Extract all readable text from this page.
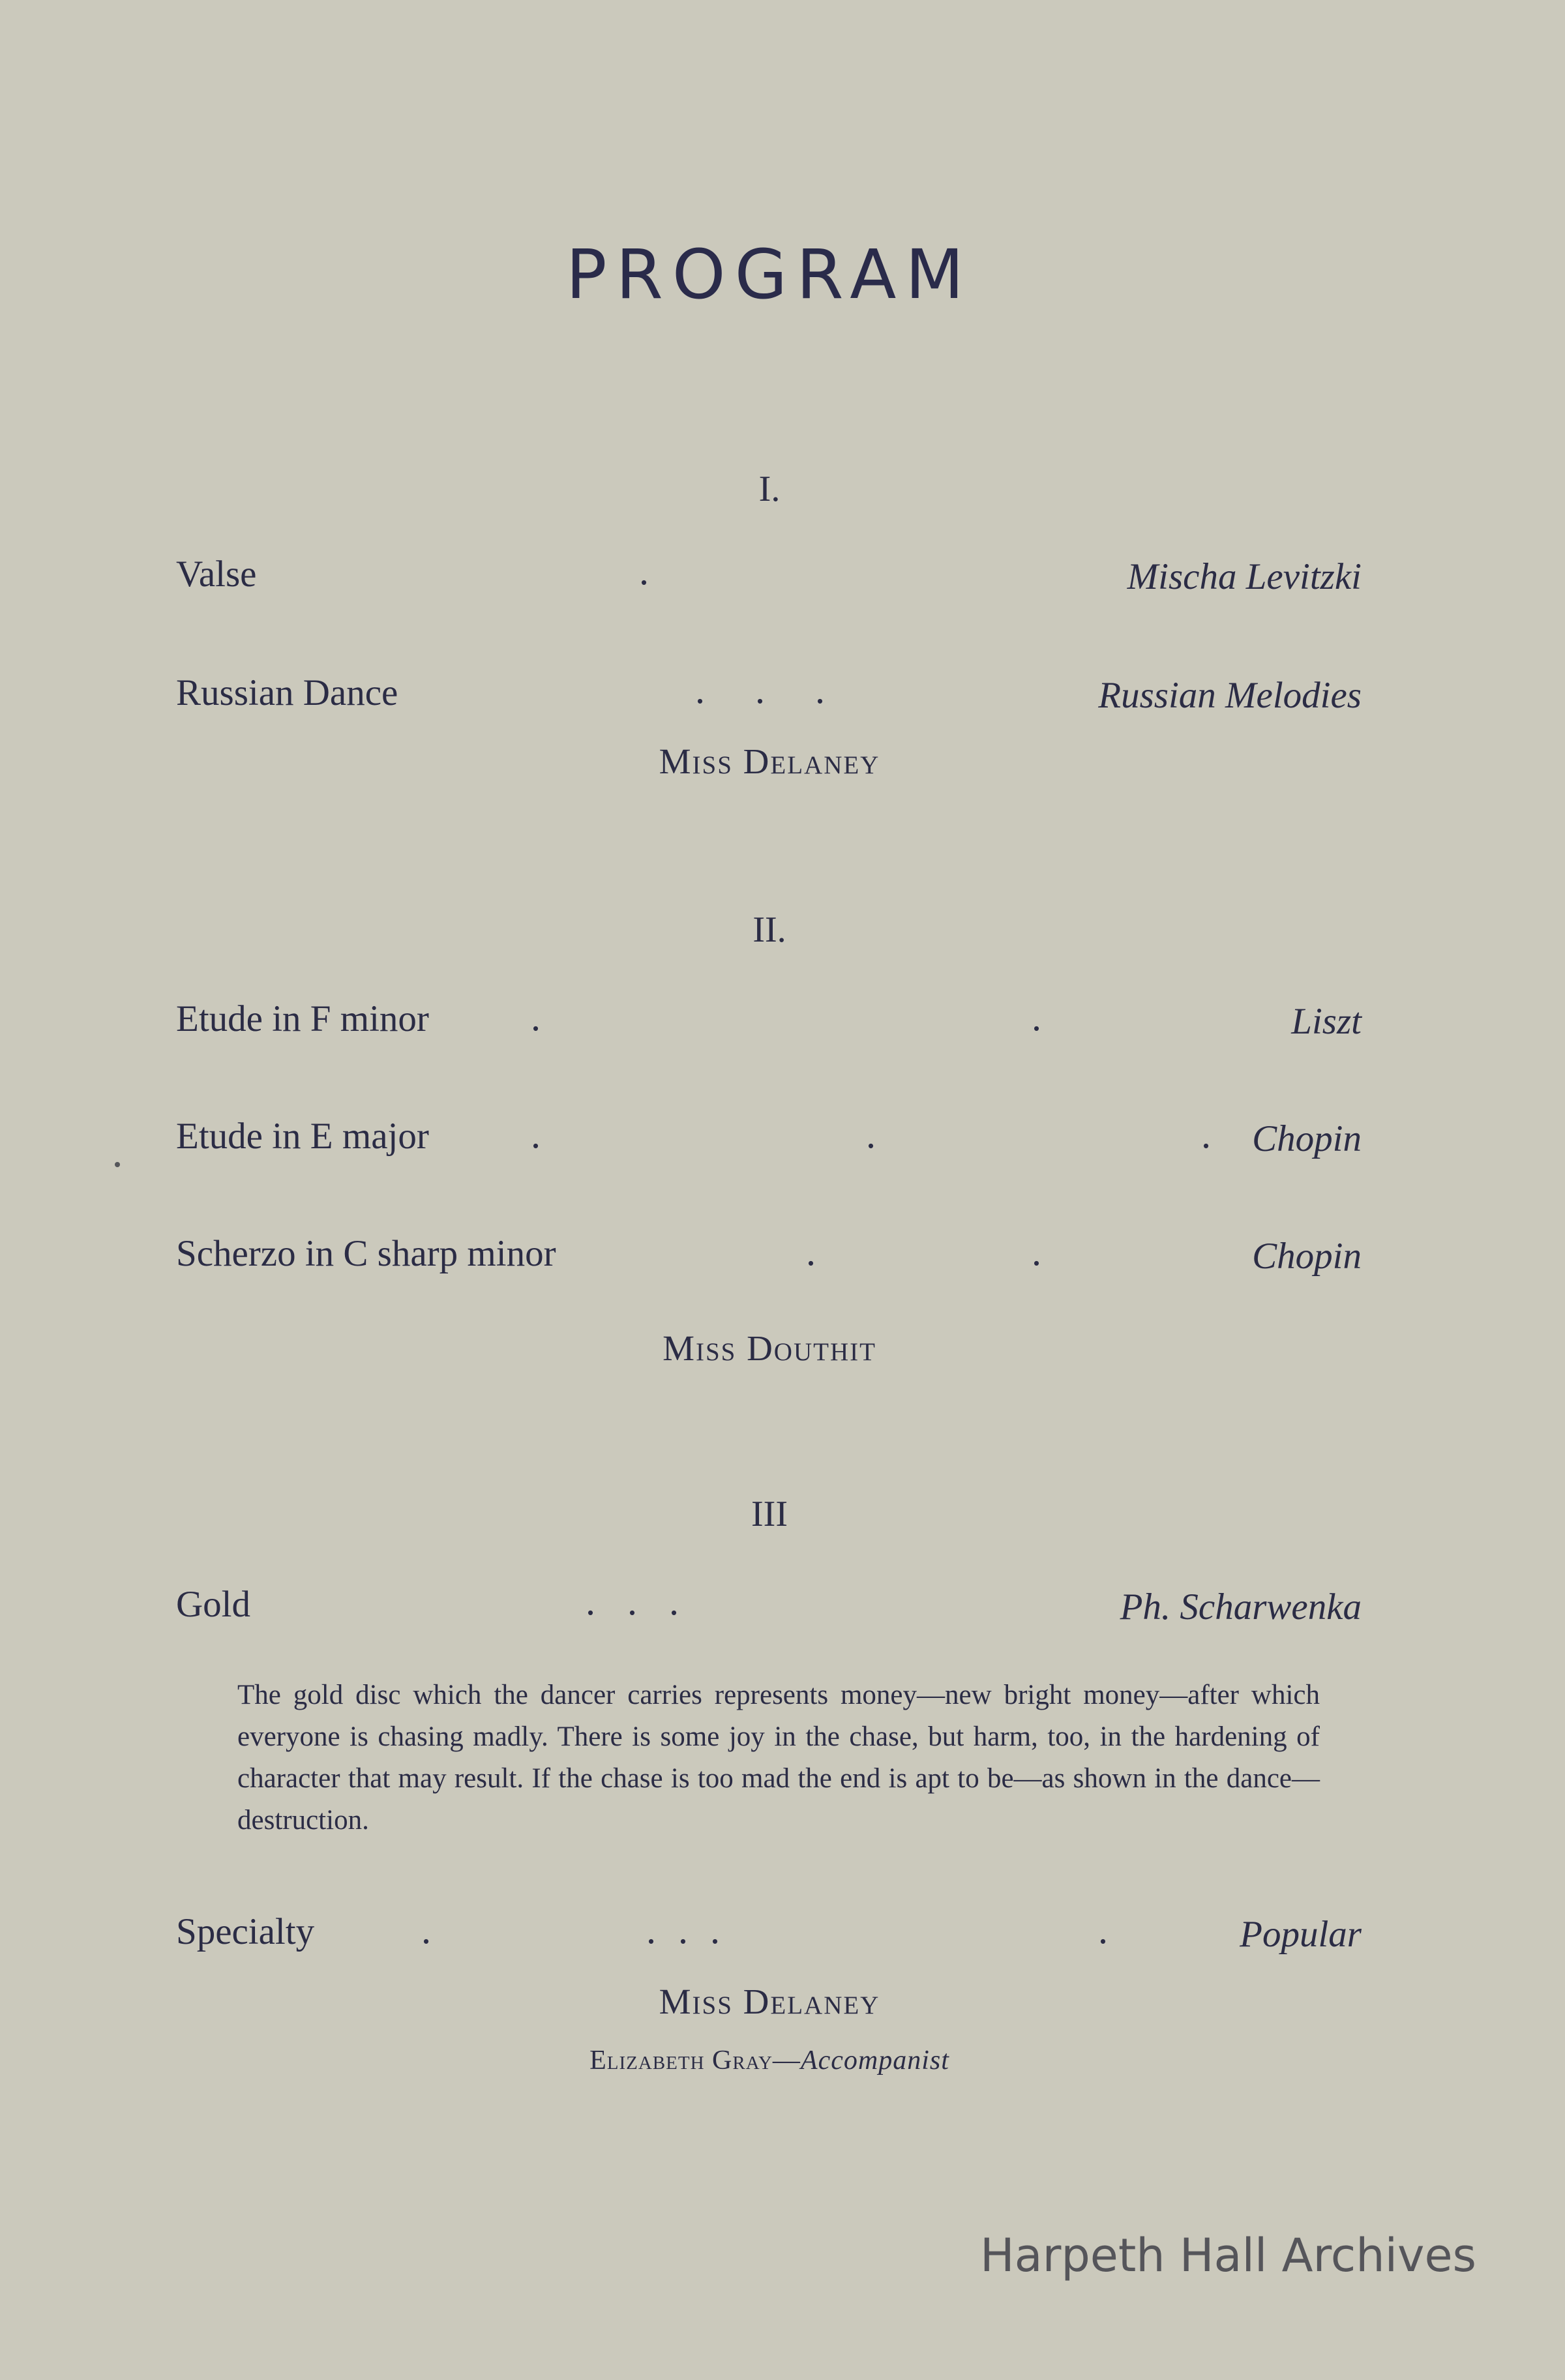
PROGRAM
I.
Valse	.	Mischa Levitzki
Russian Dance	. . .	Russian Melodies
Miss Delaney
II.
Etude in F minor	. .	Liszt
Etude in E major	. . . Chopin
Scherzo in C sharp minor	. .	Chopin
Miss Douthit
III
Gold	. . .	Ph. Scharwenka
The gold disc which the dancer carries represents money—new bright money—after which everyone is chasing madly. There is some joy in the chase, but harm, too, in the hardening of character that may result. If the chase is too mad the end is apt to be—as shown in the dance—destruction.
Specialty	.	. . .	.	Popular
Miss Delaney
Elizabeth Gray—Accompanist
Harpeth Hall Archives
